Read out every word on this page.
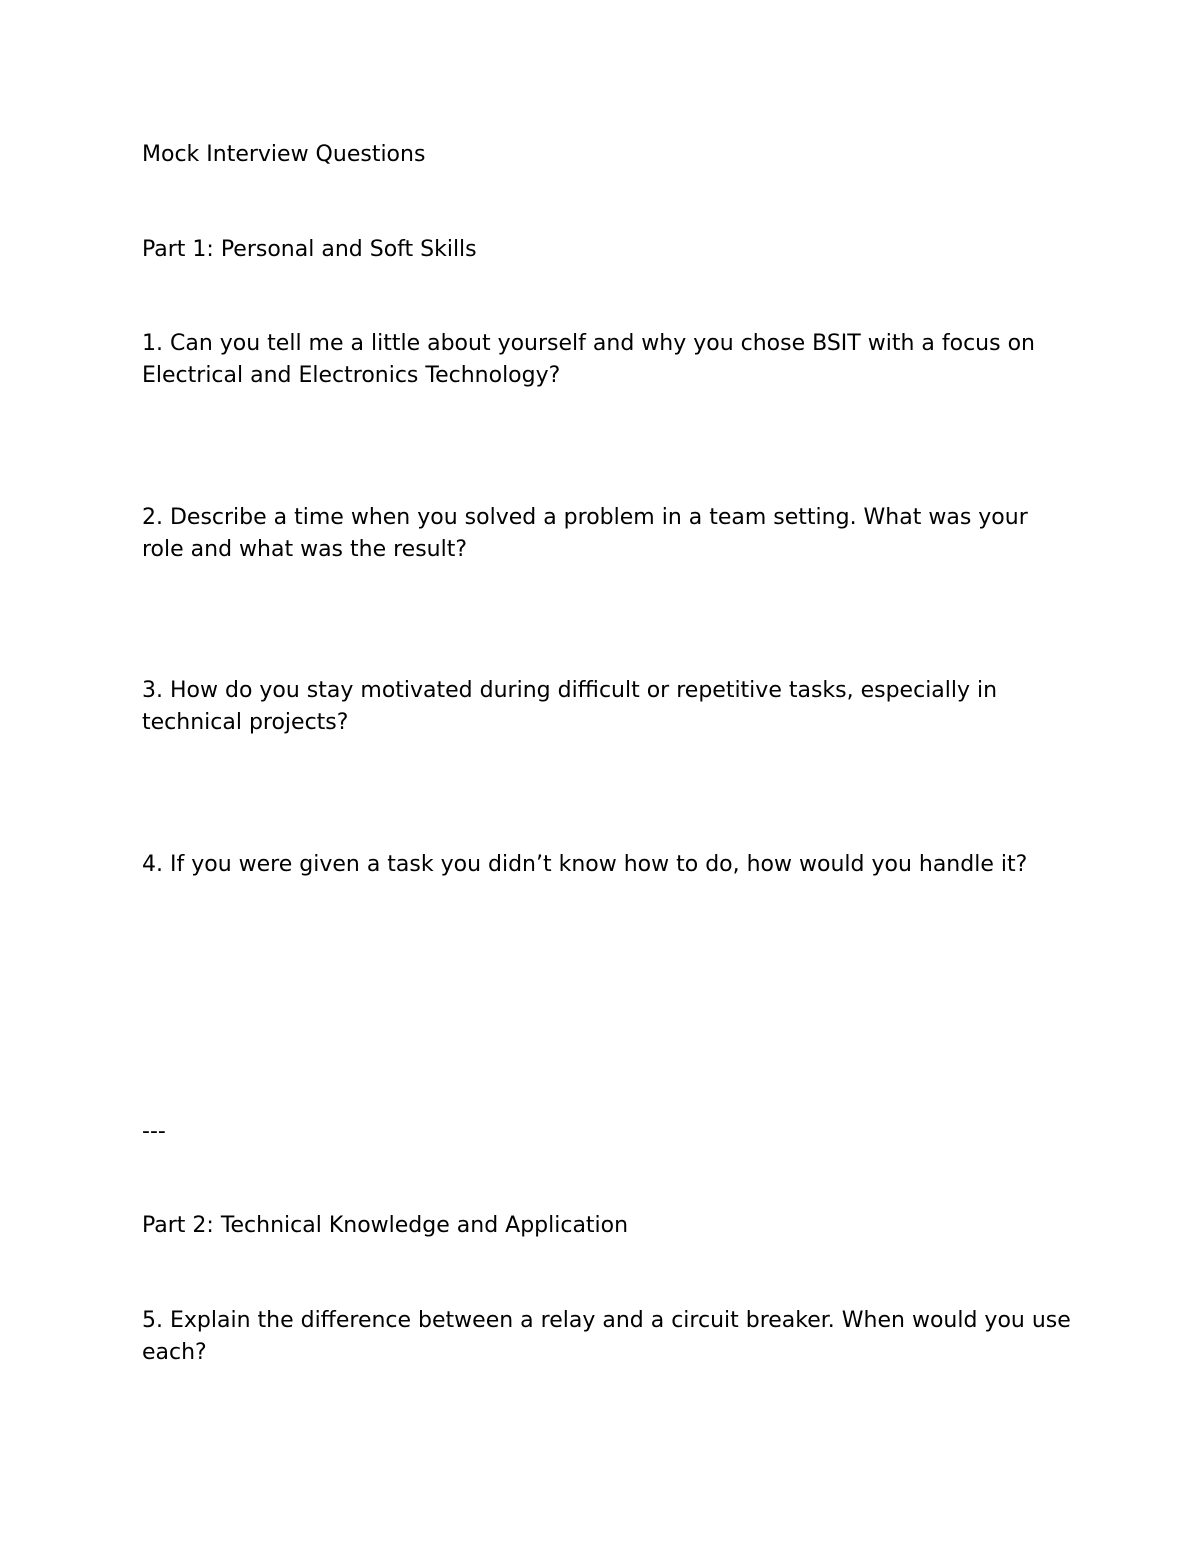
Mock Interview Questions

Part 1: Personal and Soft Skills

1. Can you tell me a little about yourself and why you chose BSIT with a focus on Electrical and Electronics Technology?

2. Describe a time when you solved a problem in a team setting. What was your role and what was the result?

3. How do you stay motivated during difficult or repetitive tasks, especially in technical projects?

4. If you were given a task you didn’t know how to do, how would you handle it?

---

Part 2: Technical Knowledge and Application

5. Explain the difference between a relay and a circuit breaker. When would you use each?
